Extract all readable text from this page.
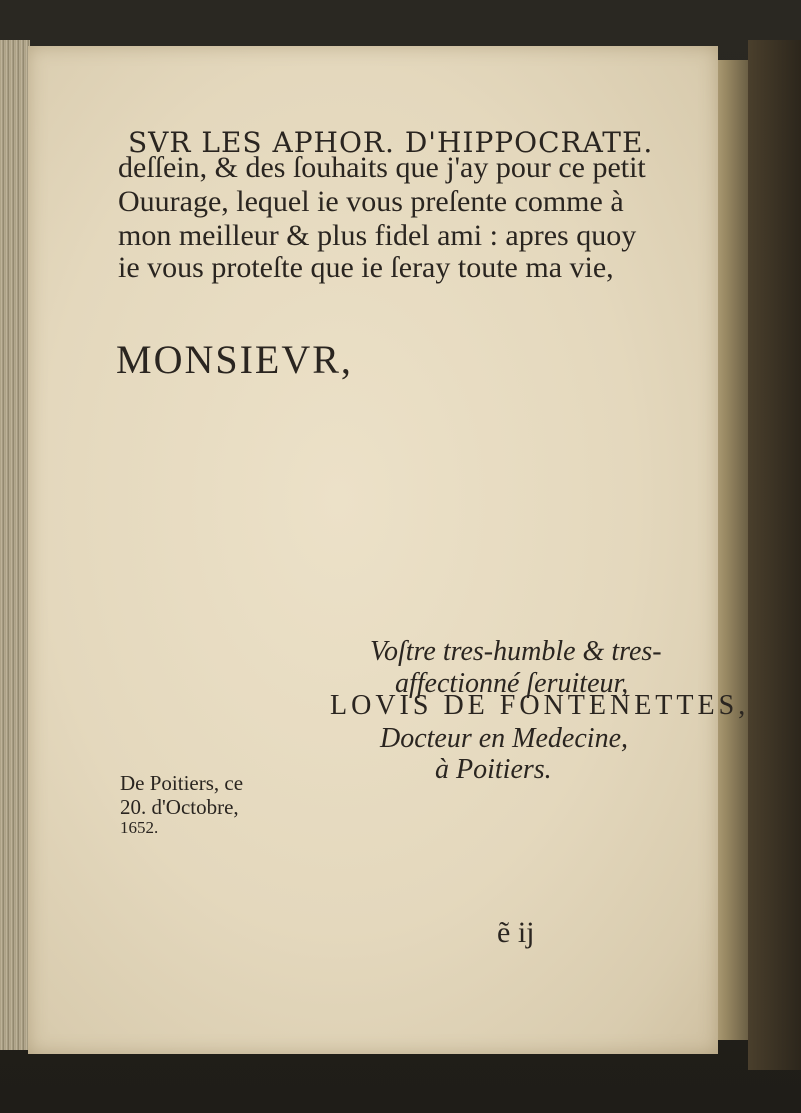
SVR LES APHOR. D'HIPPOCRATE.
deſſein, & des ſouhaits que j'ay pour ce petit
Ouurage, lequel ie vous preſente comme à
mon meilleur & plus fidel ami : apres quoy
ie vous proteſte que ie ſeray toute ma vie,
MONSIEVR,
Voſtre tres-humble & tres-
affectionné ſeruiteur,
LOVIS DE FONTENETTES,
Docteur en Medecine,
à Poitiers.
De Poitiers, ce
20. d'Octobre,
1652.
ẽ ij
